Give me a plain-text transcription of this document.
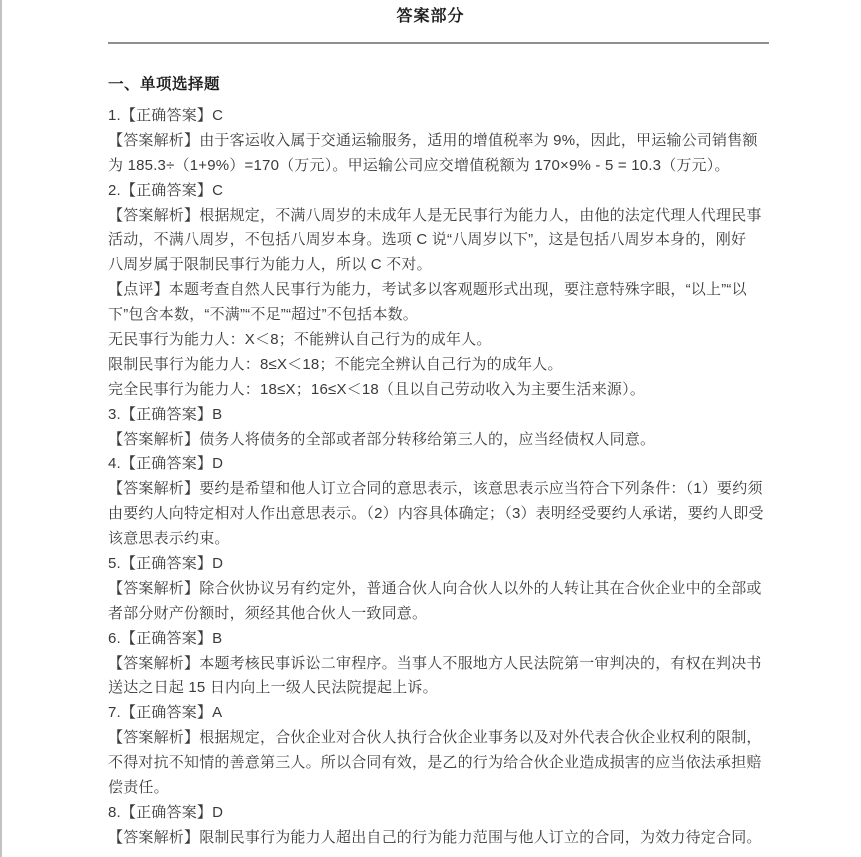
答案部分
一、单项选择题
1.【正确答案】C
【答案解析】由于客运收入属于交通运输服务，适用的增值税率为 9%，因此，甲运输公司销售额
为 185.3÷（1+9%）=170（万元）。甲运输公司应交增值税额为 170×9% - 5 = 10.3（万元）。
2.【正确答案】C
【答案解析】根据规定，不满八周岁的未成年人是无民事行为能力人，由他的法定代理人代理民事
活动，不满八周岁，不包括八周岁本身。选项 C 说“八周岁以下”，这是包括八周岁本身的，刚好
八周岁属于限制民事行为能力人，所以 C 不对。
【点评】本题考查自然人民事行为能力，考试多以客观题形式出现，要注意特殊字眼，“以上”“以
下”包含本数，“不满”“不足”“超过”不包括本数。
无民事行为能力人：X＜8；不能辨认自己行为的成年人。
限制民事行为能力人：8≤X＜18；不能完全辨认自己行为的成年人。
完全民事行为能力人：18≤X；16≤X＜18（且以自己劳动收入为主要生活来源）。
3.【正确答案】B
【答案解析】债务人将债务的全部或者部分转移给第三人的，应当经债权人同意。
4.【正确答案】D
【答案解析】要约是希望和他人订立合同的意思表示，该意思表示应当符合下列条件：（1）要约须
由要约人向特定相对人作出意思表示。（2）内容具体确定；（3）表明经受要约人承诺，要约人即受
该意思表示约束。
5.【正确答案】D
【答案解析】除合伙协议另有约定外，普通合伙人向合伙人以外的人转让其在合伙企业中的全部或
者部分财产份额时，须经其他合伙人一致同意。
6.【正确答案】B
【答案解析】本题考核民事诉讼二审程序。当事人不服地方人民法院第一审判决的，有权在判决书
送达之日起 15 日内向上一级人民法院提起上诉。
7.【正确答案】A
【答案解析】根据规定，合伙企业对合伙人执行合伙企业事务以及对外代表合伙企业权利的限制，
不得对抗不知情的善意第三人。所以合同有效，是乙的行为给合伙企业造成损害的应当依法承担赔
偿责任。
8.【正确答案】D
【答案解析】限制民事行为能力人超出自己的行为能力范围与他人订立的合同，为效力待定合同。
